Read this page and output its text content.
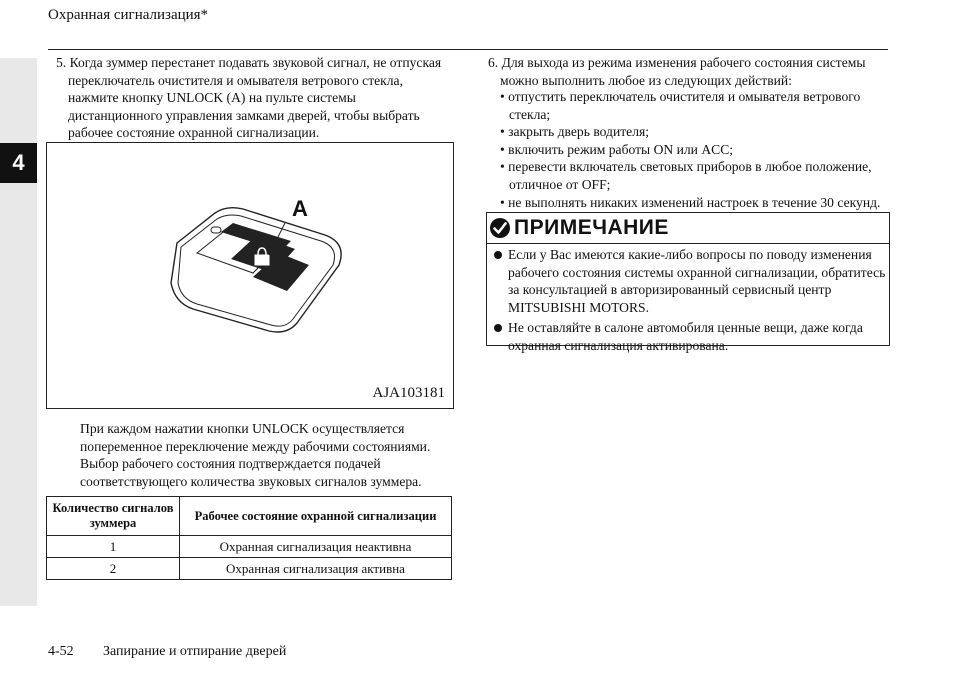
4
Охранная сигнализация*
5. Когда зуммер перестанет подавать звуковой сигнал, не отпуская
переключатель очистителя и омывателя ветрового стекла,
нажмите кнопку UNLOCK (A) на пульте системы
дистанционного управления замками дверей, чтобы выбрать
рабочее состояние охранной сигнализации.
A
AJA103181
При каждом нажатии кнопки UNLOCK осуществляется
попеременное переключение между рабочими состояниями.
Выбор рабочего состояния подтверждается подачей
соответствующего количества звуковых сигналов зуммера.
Количество сигналов зуммера	Рабочее состояние охранной сигнализации
1	Охранная сигнализация неактивна
2	Охранная сигнализация активна
6. Для выхода из режима изменения рабочего состояния системы
можно выполнить любое из следующих действий:
• отпустить переключатель очистителя и омывателя ветрового стекла;
• закрыть дверь водителя;
• включить режим работы ON или ACC;
• перевести включатель световых приборов в любое положение, отличное от OFF;
• не выполнять никаких изменений настроек в течение 30 секунд.
ПРИМЕЧАНИЕ
Если у Вас имеются какие-либо вопросы по поводу изменения рабочего состояния системы охранной сигнализации, обратитесь за консультацией в авторизированный сервисный центр MITSUBISHI MOTORS.
Не оставляйте в салоне автомобиля ценные вещи, даже когда охранная сигнализация активирована.
4-52 Запирание и отпирание дверей
